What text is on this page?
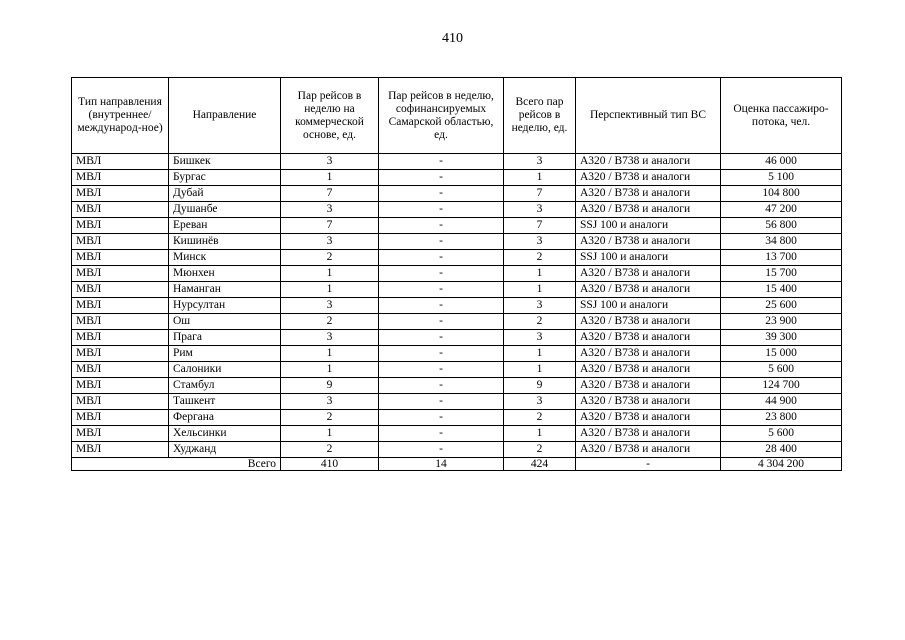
410
Тип направления (внутреннее/ междунарoд-ное)	Направление	Пар рейсов в неделю на коммерческой основе, ед.	Пар рейсов в неделю, софинансируемых Самарской областью, ед.	Всего пар рейсов в неделю, ед.	Перспективный тип ВС	Оценка пассажиро-потока, чел.
МВЛ	Бишкек	3	-	3	А320 / В738 и аналоги	46 000
МВЛ	Бургас	1	-	1	А320 / В738 и аналоги	5 100
МВЛ	Дубай	7	-	7	А320 / В738 и аналоги	104 800
МВЛ	Душанбе	3	-	3	А320 / В738 и аналоги	47 200
МВЛ	Ереван	7	-	7	SSJ 100 и аналоги	56 800
МВЛ	Кишинёв	3	-	3	А320 / В738 и аналоги	34 800
МВЛ	Минск	2	-	2	SSJ 100 и аналоги	13 700
МВЛ	Мюнхен	1	-	1	А320 / В738 и аналоги	15 700
МВЛ	Наманган	1	-	1	А320 / В738 и аналоги	15 400
МВЛ	Нурсултан	3	-	3	SSJ 100 и аналоги	25 600
МВЛ	Ош	2	-	2	А320 / В738 и аналоги	23 900
МВЛ	Прага	3	-	3	А320 / В738 и аналоги	39 300
МВЛ	Рим	1	-	1	А320 / В738 и аналоги	15 000
МВЛ	Салоники	1	-	1	А320 / В738 и аналоги	5 600
МВЛ	Стамбул	9	-	9	А320 / В738 и аналоги	124 700
МВЛ	Ташкент	3	-	3	А320 / В738 и аналоги	44 900
МВЛ	Фергана	2	-	2	А320 / В738 и аналоги	23 800
МВЛ	Хельсинки	1	-	1	А320 / В738 и аналоги	5 600
МВЛ	Худжанд	2	-	2	А320 / В738 и аналоги	28 400
Всего		410	14	424	-	4 304 200
